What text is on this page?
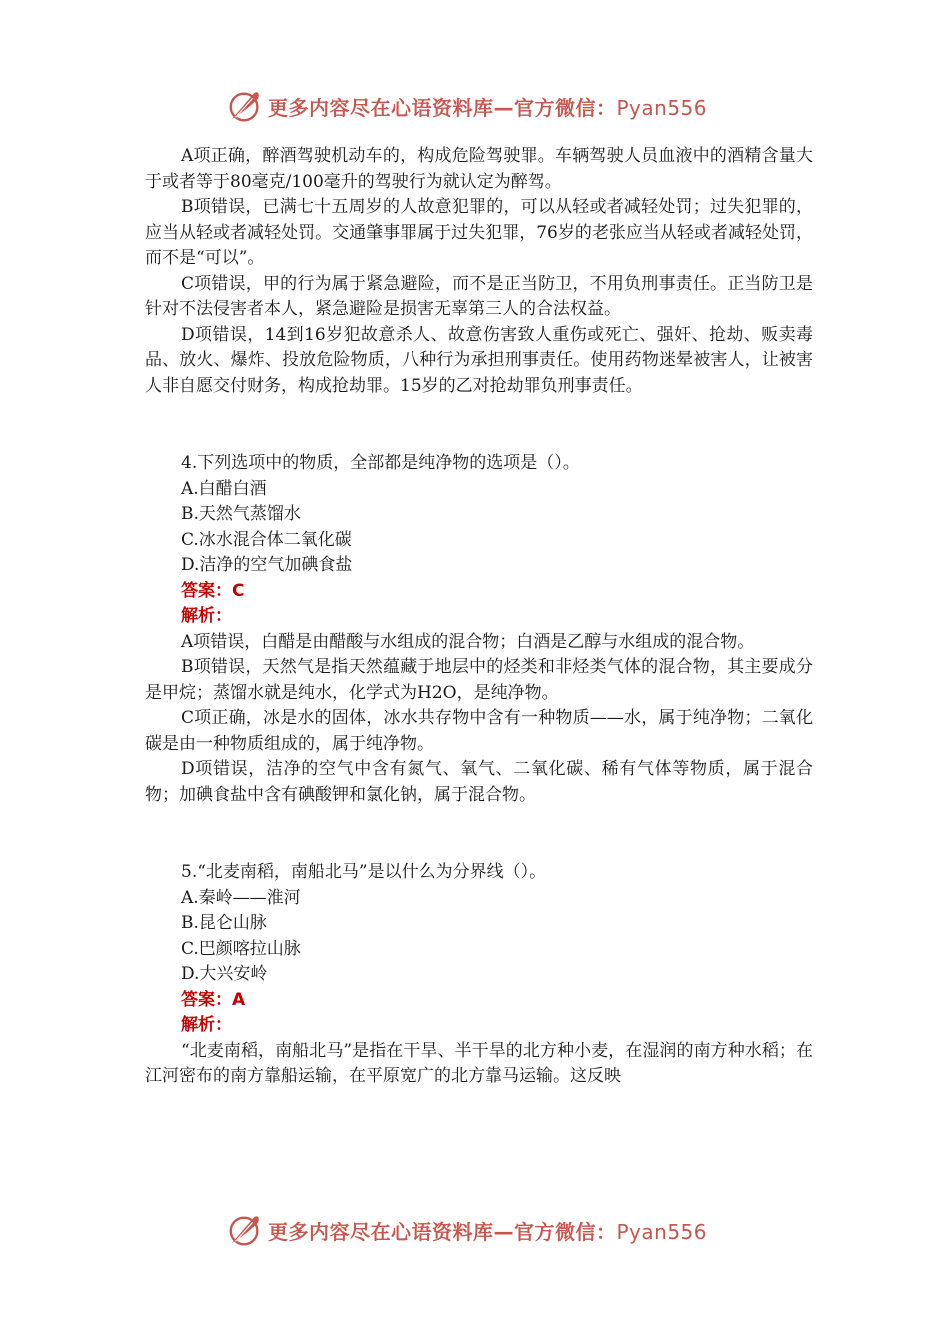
更多内容尽在心语资料库—官方微信：Pyan556

A项正确，醉酒驾驶机动车的，构成危险驾驶罪。车辆驾驶人员血液中的酒精含量大于或者等于80毫克/100毫升的驾驶行为就认定为醉驾。

B项错误，已满七十五周岁的人故意犯罪的，可以从轻或者减轻处罚；过失犯罪的，应当从轻或者减轻处罚。交通肇事罪属于过失犯罪，76岁的老张应当从轻或者减轻处罚，而不是“可以”。

C项错误，甲的行为属于紧急避险，而不是正当防卫，不用负刑事责任。正当防卫是针对不法侵害者本人，紧急避险是损害无辜第三人的合法权益。

D项错误，14到16岁犯故意杀人、故意伤害致人重伤或死亡、强奸、抢劫、贩卖毒品、放火、爆炸、投放危险物质，八种行为承担刑事责任。使用药物迷晕被害人，让被害人非自愿交付财务，构成抢劫罪。15岁的乙对抢劫罪负刑事责任。

4.下列选项中的物质，全部都是纯净物的选项是（）。

A.白醋白酒

B.天然气蒸馏水

C.冰水混合体二氧化碳

D.洁净的空气加碘食盐

答案：C

解析：

A项错误，白醋是由醋酸与水组成的混合物；白酒是乙醇与水组成的混合物。

B项错误，天然气是指天然蕴藏于地层中的烃类和非烃类气体的混合物，其主要成分是甲烷；蒸馏水就是纯水，化学式为H2O，是纯净物。

C项正确，冰是水的固体，冰水共存物中含有一种物质——水，属于纯净物；二氧化碳是由一种物质组成的，属于纯净物。

D项错误，洁净的空气中含有氮气、氧气、二氧化碳、稀有气体等物质，属于混合物；加碘食盐中含有碘酸钾和氯化钠，属于混合物。

5.“北麦南稻，南船北马”是以什么为分界线（）。

A.秦岭——淮河

B.昆仑山脉

C.巴颜喀拉山脉

D.大兴安岭

答案：A

解析：

“北麦南稻，南船北马”是指在干旱、半干旱的北方种小麦，在湿润的南方种水稻；在江河密布的南方靠船运输，在平原宽广的北方靠马运输。这反映

更多内容尽在心语资料库—官方微信：Pyan556
